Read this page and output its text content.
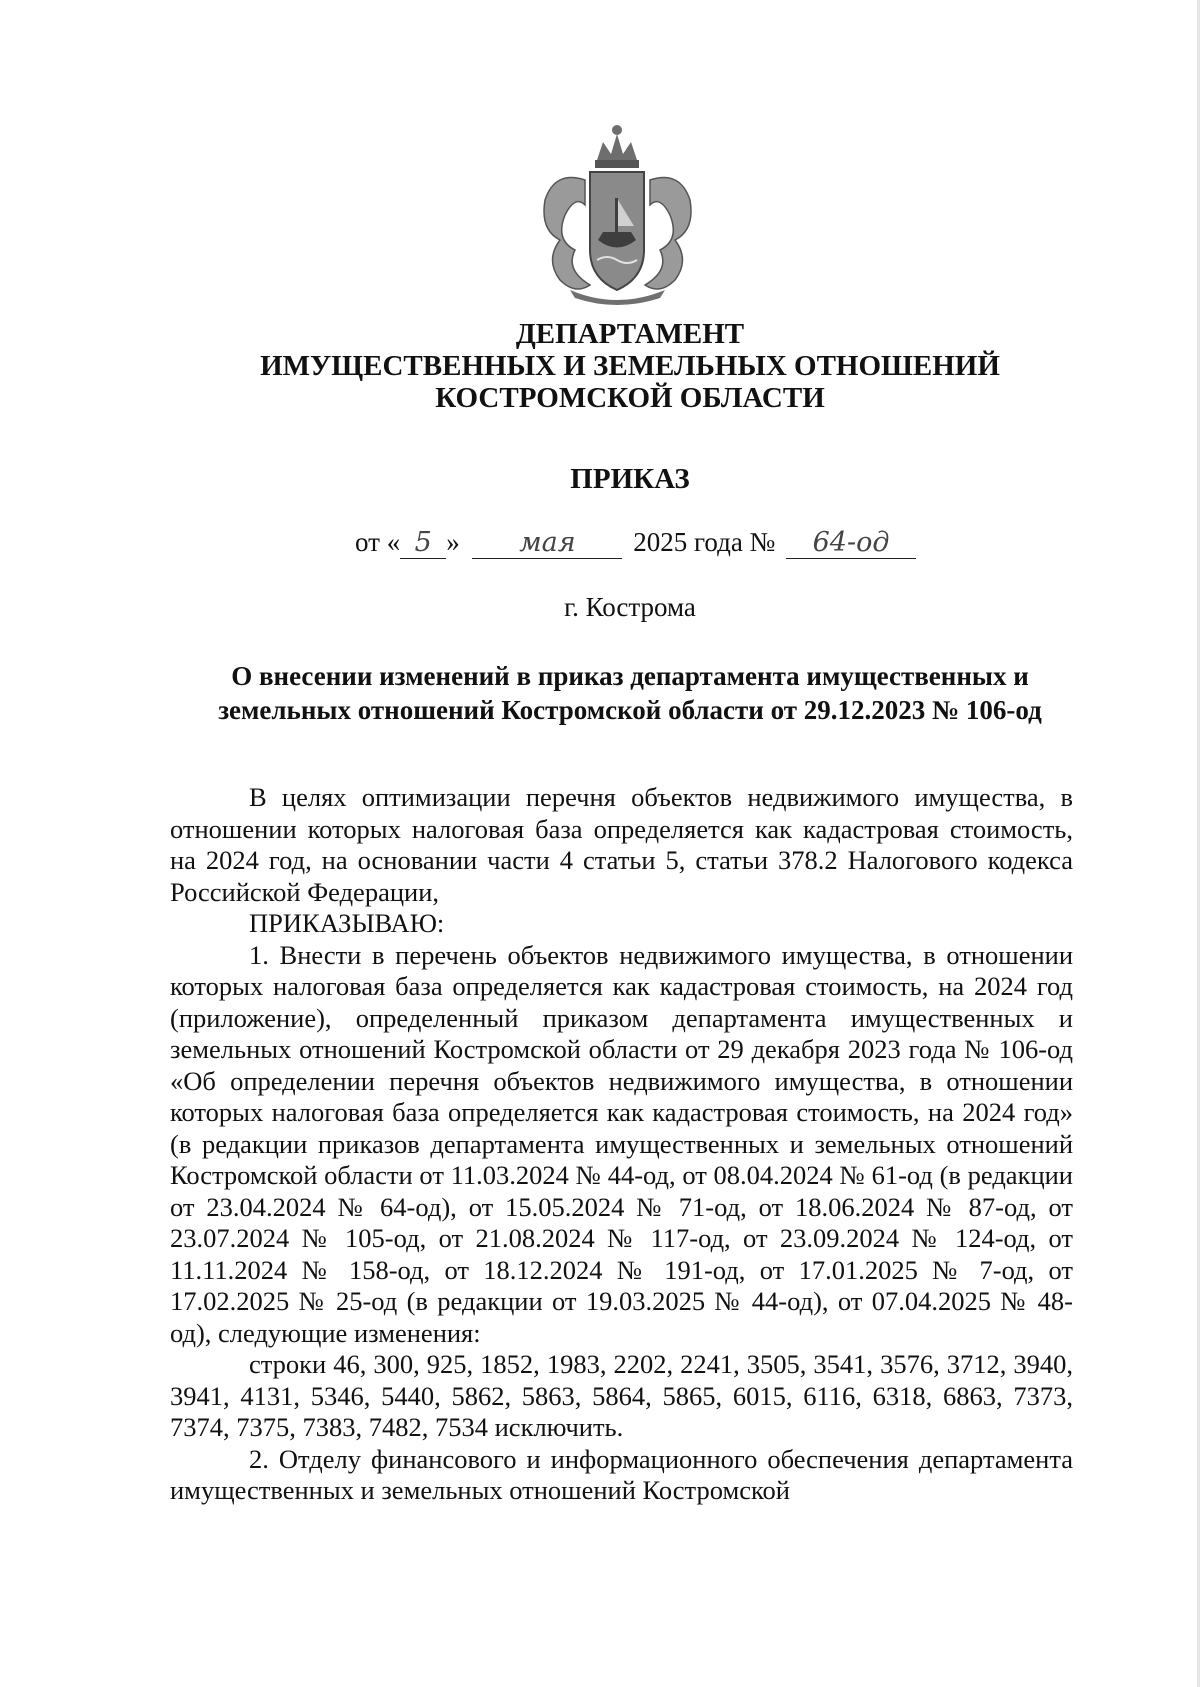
ДЕПАРТАМЕНТ
ИМУЩЕСТВЕННЫХ И ЗЕМЕЛЬНЫХ ОТНОШЕНИЙ
КОСТРОМСКОЙ ОБЛАСТИ
ПРИКАЗ
от « 5 » мая 2025 года № 64-од
г. Кострома
О внесении изменений в приказ департамента имущественных и
земельных отношений Костромской области от 29.12.2023 № 106-од

В целях оптимизации перечня объектов недвижимого имущества, в отношении которых налоговая база определяется как кадастровая стоимость, на 2024 год, на основании части 4 статьи 5, статьи 378.2 Налогового кодекса Российской Федерации,

ПРИКАЗЫВАЮ:

1. Внести в перечень объектов недвижимого имущества, в отношении которых налоговая база определяется как кадастровая стоимость, на 2024 год (приложение), определенный приказом департамента имущественных и земельных отношений Костромской области от 29 декабря 2023 года № 106-од «Об определении перечня объектов недвижимого имущества, в отношении которых налоговая база определяется как кадастровая стоимость, на 2024 год» (в редакции приказов департамента имущественных и земельных отношений Костромской области от 11.03.2024 № 44-од, от 08.04.2024 № 61-од (в редакции от 23.04.2024 № 64-од), от 15.05.2024 № 71-од, от 18.06.2024 № 87-од, от 23.07.2024 № 105-од, от 21.08.2024 № 117-од, от 23.09.2024 № 124-од, от 11.11.2024 № 158-од, от 18.12.2024 № 191-од, от 17.01.2025 № 7-од, от 17.02.2025 № 25-од (в редакции от 19.03.2025 № 44-од), от 07.04.2025 № 48-од), следующие изменения:

строки 46, 300, 925, 1852, 1983, 2202, 2241, 3505, 3541, 3576, 3712, 3940, 3941, 4131, 5346, 5440, 5862, 5863, 5864, 5865, 6015, 6116, 6318, 6863, 7373, 7374, 7375, 7383, 7482, 7534 исключить.

2. Отделу финансового и информационного обеспечения департамента имущественных и земельных отношений Костромской
